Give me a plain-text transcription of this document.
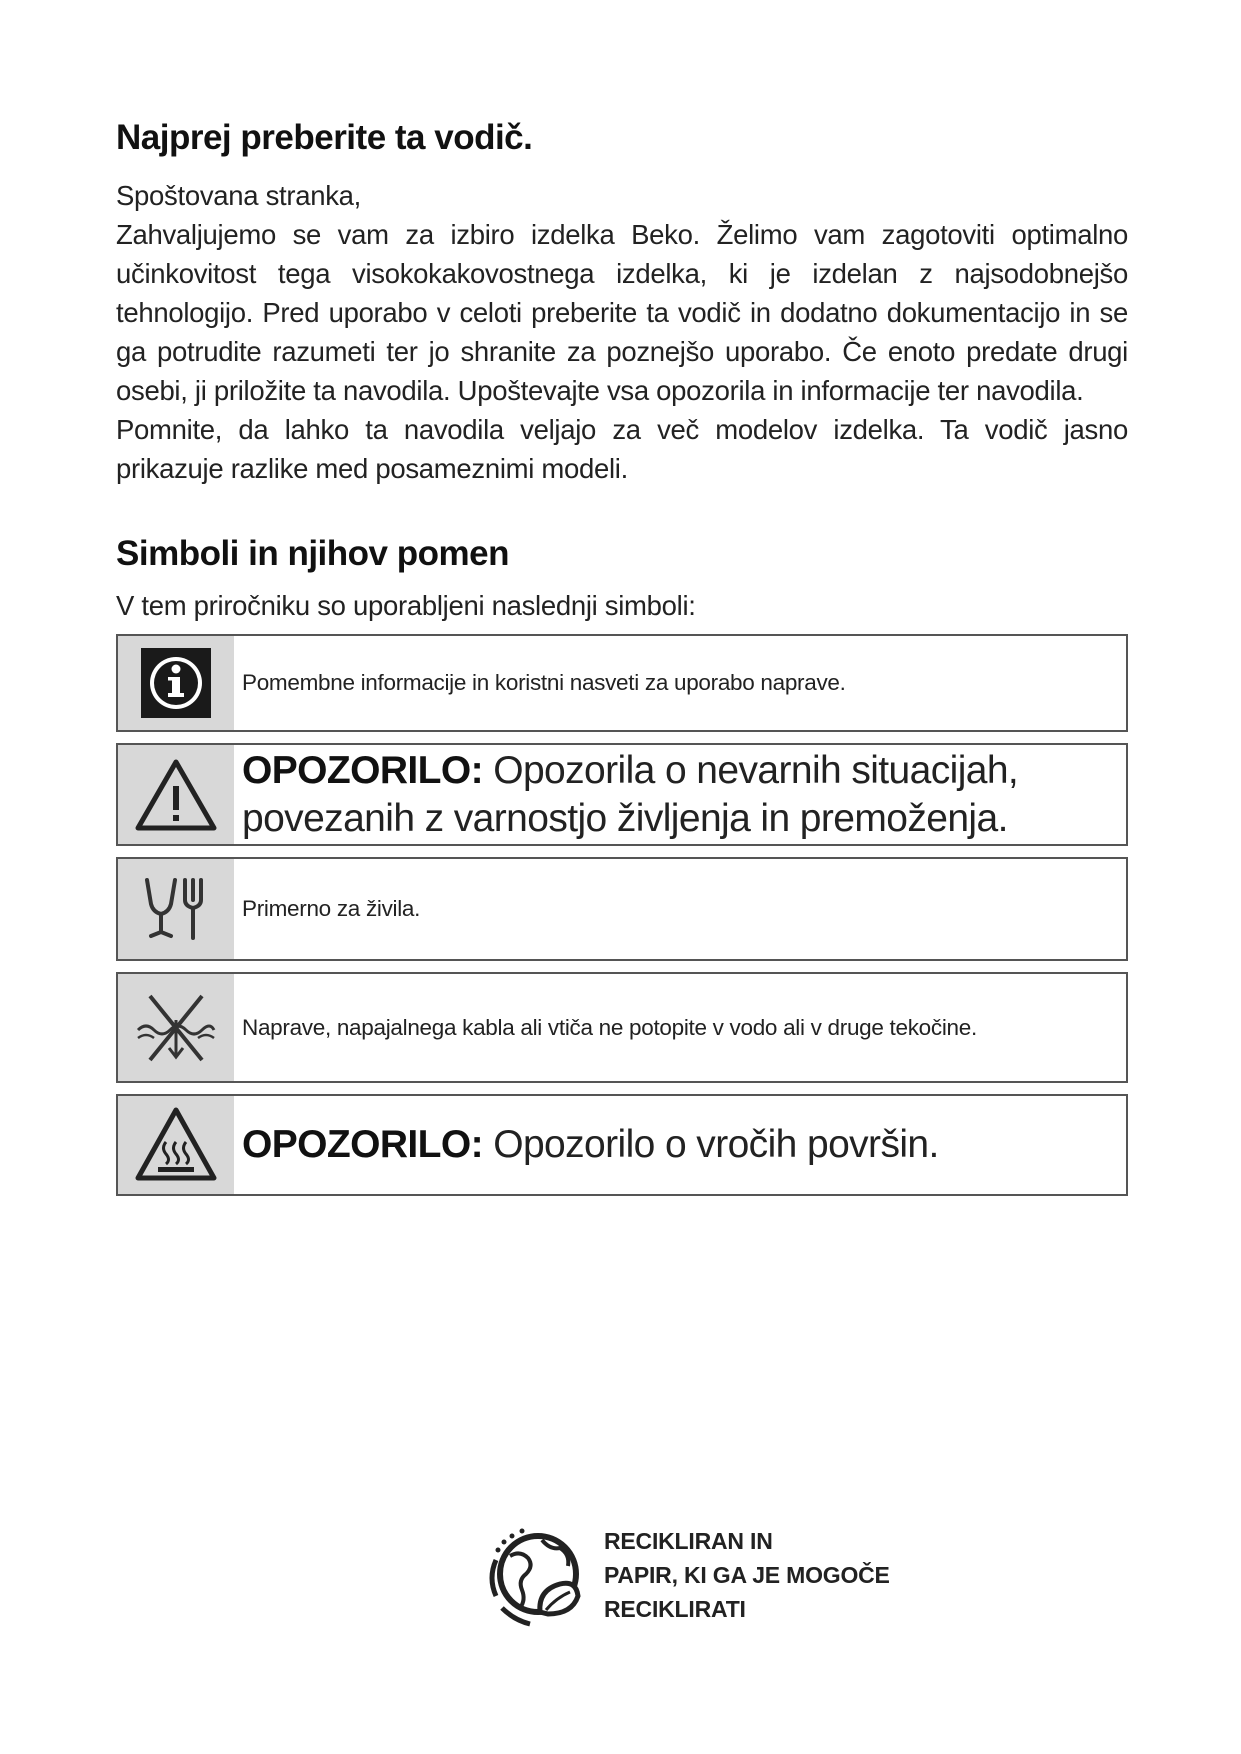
Najprej preberite ta vodič.

Spoštovana stranka,

Zahvaljujemo se vam za izbiro izdelka Beko. Želimo vam zagotoviti optimalno učinkovitost tega visokokakovostnega izdelka, ki je izdelan z najsodobnejšo tehnologijo. Pred uporabo v celoti preberite ta vodič in dodatno dokumentacijo in se ga potrudite razumeti ter jo shranite za poznejšo uporabo. Če enoto predate drugi osebi, ji priložite ta navodila. Upoštevajte vsa opozorila in informacije ter navodila.

Pomnite, da lahko ta navodila veljajo za več modelov izdelka. Ta vodič jasno prikazuje razlike med posameznimi modeli.

Simboli in njihov pomen

V tem priročniku so uporabljeni naslednji simboli:

Pomembne informacije in koristni nasveti za uporabo naprave.
OPOZORILO: Opozorila o nevarnih situacijah, povezanih z varnostjo življenja in premoženja.
Primerno za živila.
Naprave, napajalnega kabla ali vtiča ne potopite v vodo ali v druge tekočine.
OPOZORILO: Opozorilo o vročih površin.
RECIKLIRAN IN
PAPIR, KI GA JE MOGOČE
RECIKLIRATI
